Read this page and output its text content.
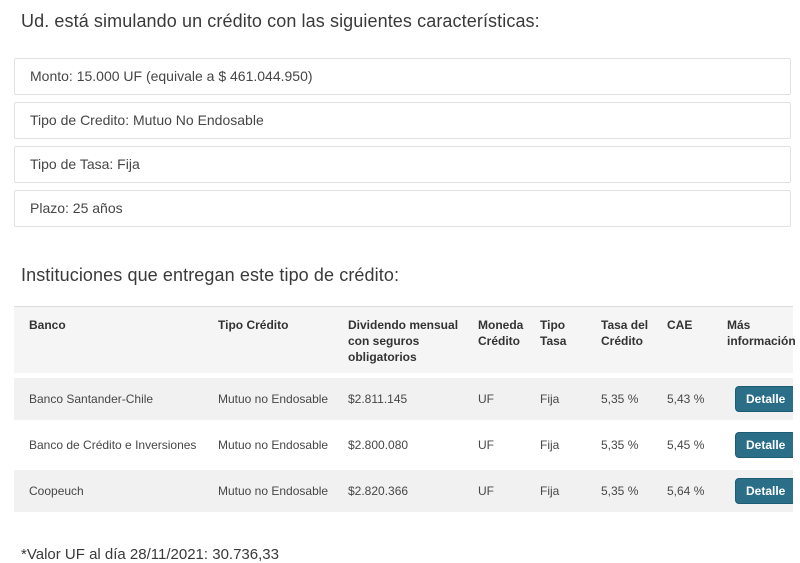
Ud. está simulando un crédito con las siguientes características:
Monto: 15.000 UF (equivale a $ 461.044.950)
Tipo de Credito: Mutuo No Endosable
Tipo de Tasa: Fija
Plazo: 25 años
Instituciones que entregan este tipo de crédito:
Banco	Tipo Crédito	Dividendo mensual con seguros obligatorios	Moneda Crédito	Tipo Tasa	Tasa del Crédito	CAE	Más información
Banco Santander-Chile	Mutuo no Endosable	$2.811.145	UF	Fija	5,35 %	5,43 %	Detalle
Banco de Crédito e Inversiones	Mutuo no Endosable	$2.800.080	UF	Fija	5,35 %	5,45 %	Detalle
Coopeuch	Mutuo no Endosable	$2.820.366	UF	Fija	5,35 %	5,64 %	Detalle

*Valor UF al día 28/11/2021: 30.736,33
